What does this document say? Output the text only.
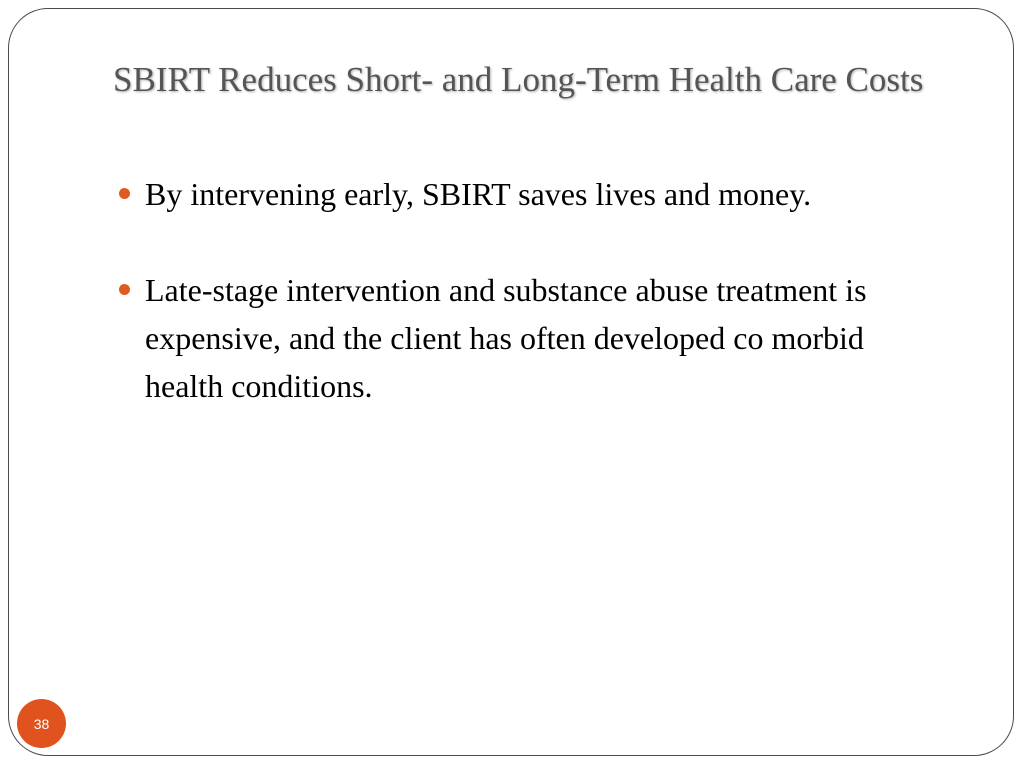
SBIRT Reduces Short- and Long-Term Health Care Costs
By intervening early, SBIRT saves lives and money.
Late-stage intervention and substance abuse treatment is expensive, and the client has often developed co morbid health conditions.
38
